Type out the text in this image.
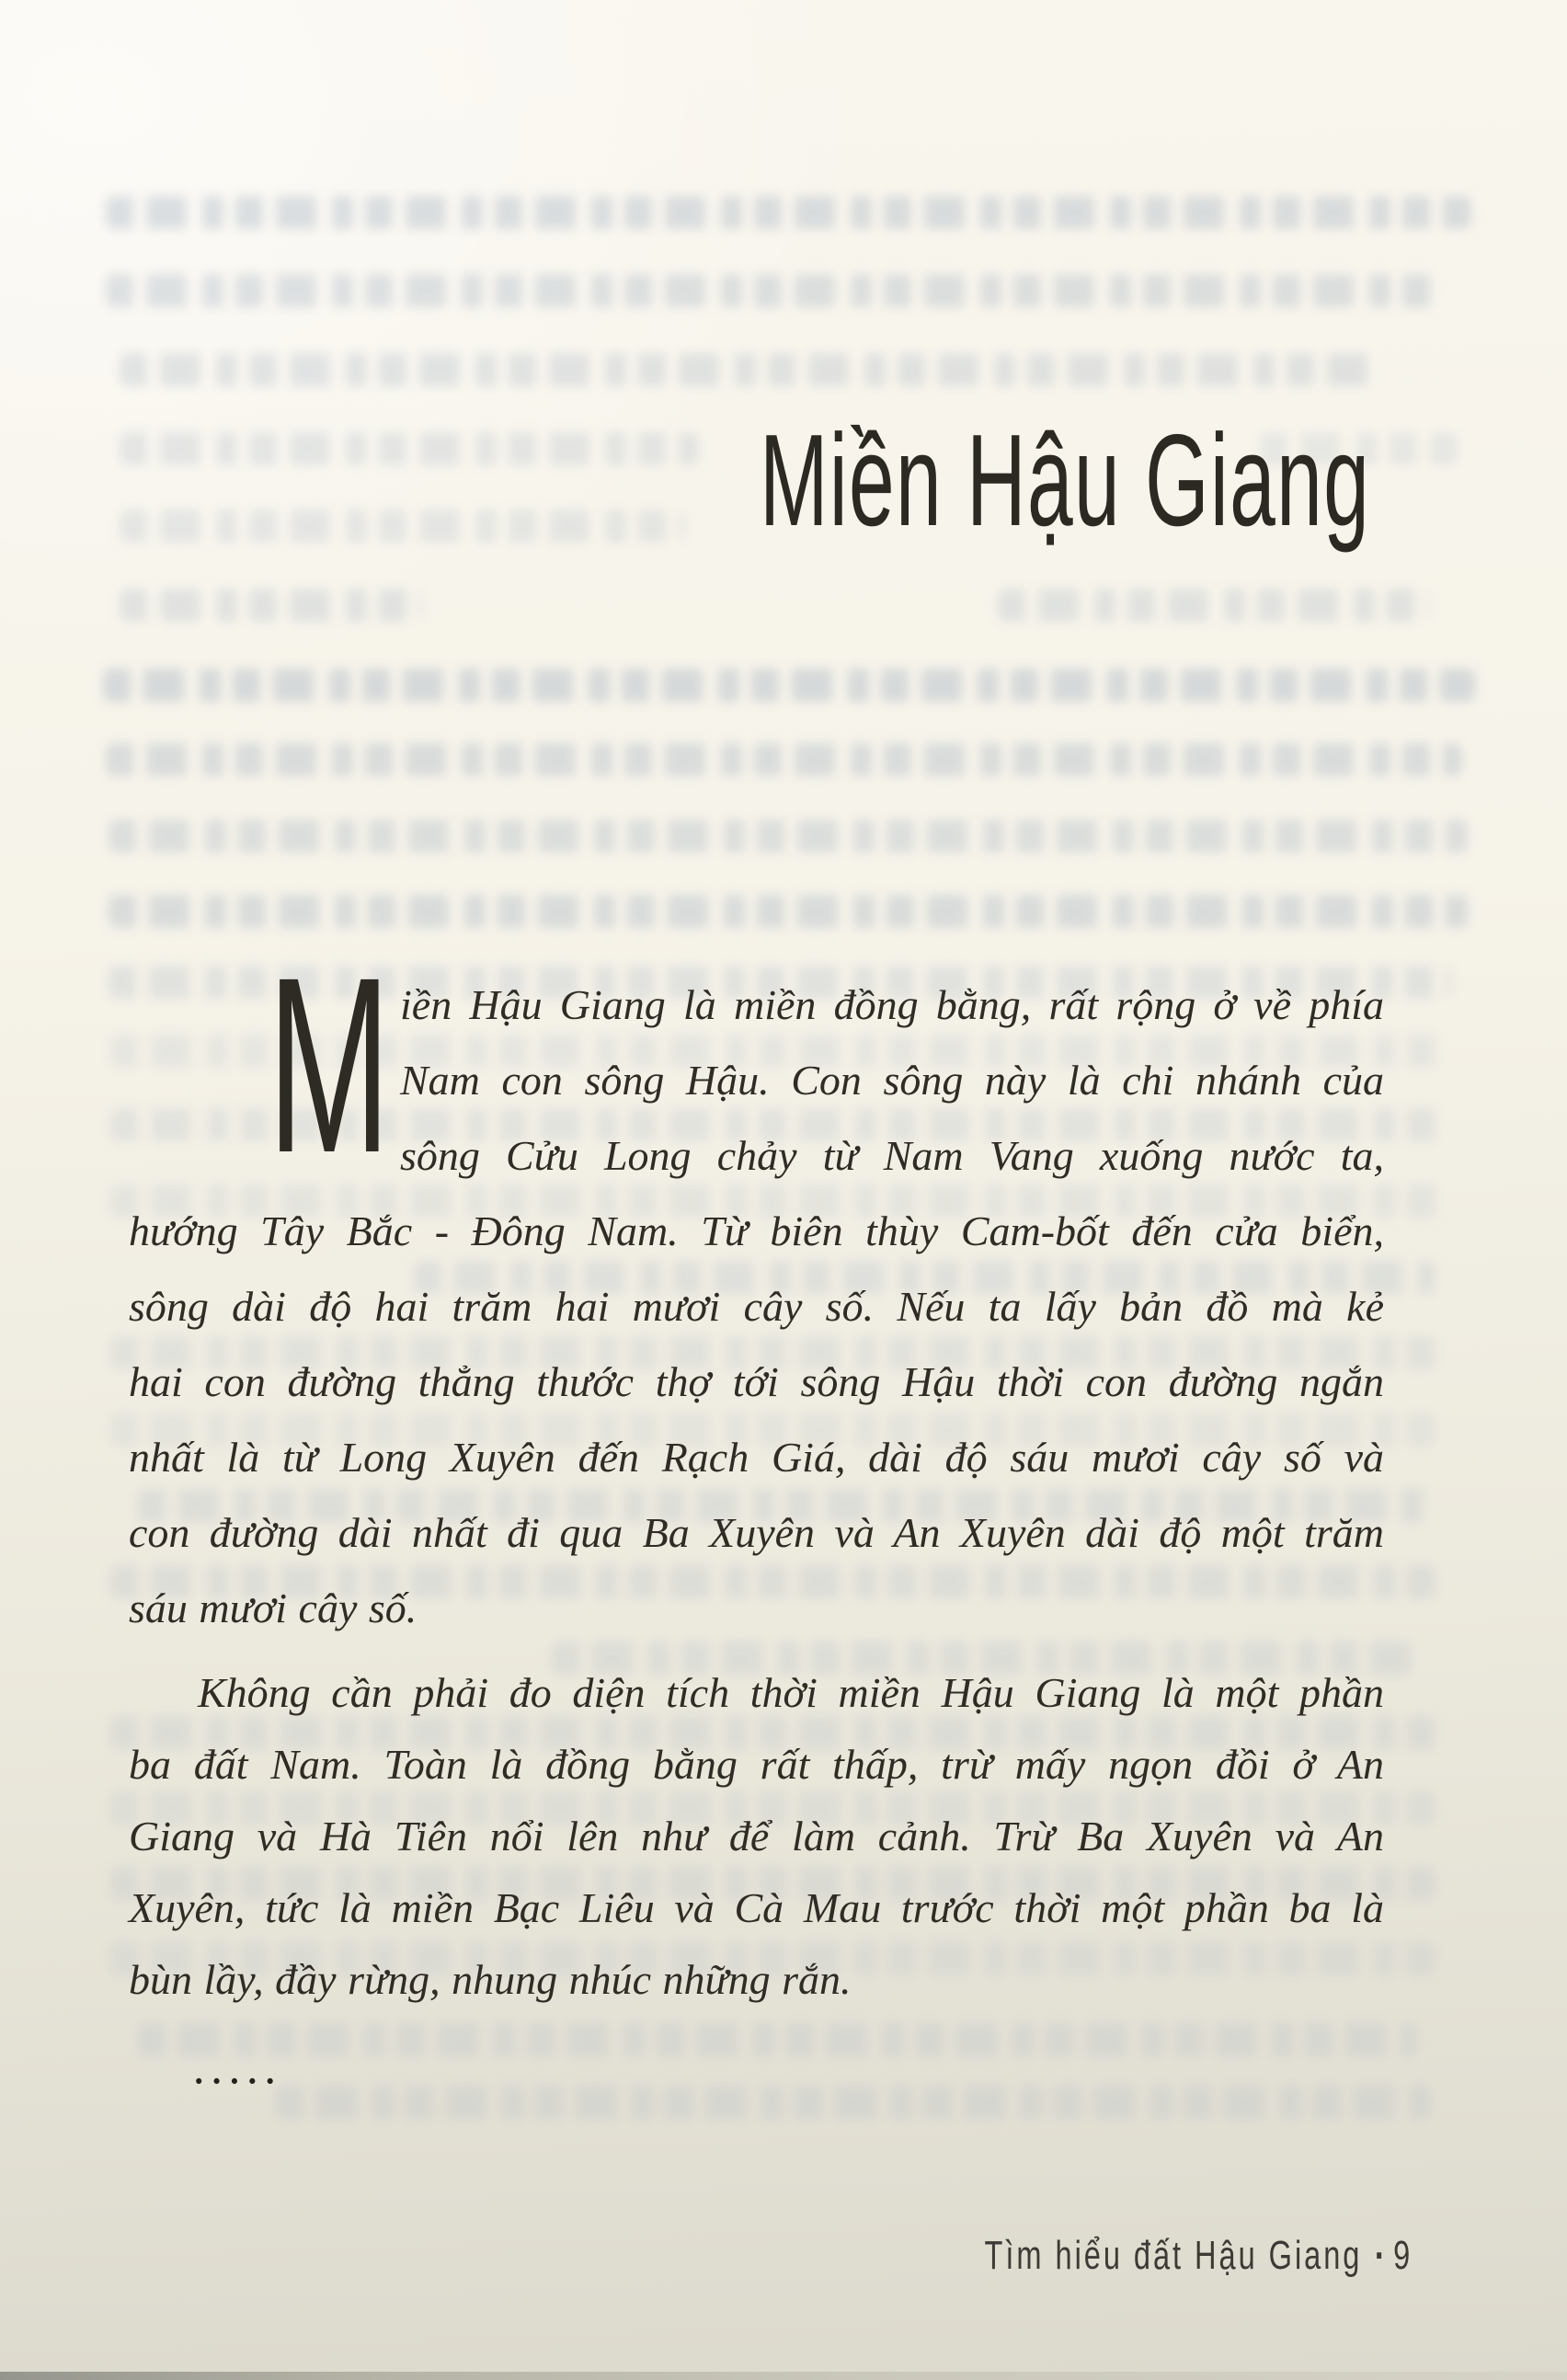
Miền Hậu Giang
M iền Hậu Giang là miền đồng bằng, rất rộng ở về phía
Nam con sông Hậu. Con sông này là chi nhánh của
sông Cửu Long chảy từ Nam Vang xuống nước ta,
hướng Tây Bắc - Đông Nam. Từ biên thùy Cam-bốt đến cửa biển,
sông dài độ hai trăm hai mươi cây số. Nếu ta lấy bản đồ mà kẻ
hai con đường thẳng thước thợ tới sông Hậu thời con đường ngắn
nhất là từ Long Xuyên đến Rạch Giá, dài độ sáu mươi cây số và
con đường dài nhất đi qua Ba Xuyên và An Xuyên dài độ một trăm
sáu mươi cây số.
Không cần phải đo diện tích thời miền Hậu Giang là một phần
ba đất Nam. Toàn là đồng bằng rất thấp, trừ mấy ngọn đồi ở An
Giang và Hà Tiên nổi lên như để làm cảnh. Trừ Ba Xuyên và An
Xuyên, tức là miền Bạc Liêu và Cà Mau trước thời một phần ba là
bùn lầy, đầy rừng, nhung nhúc những rắn.
•••••
Tìm hiểu đất Hậu Giang ▪ 9
